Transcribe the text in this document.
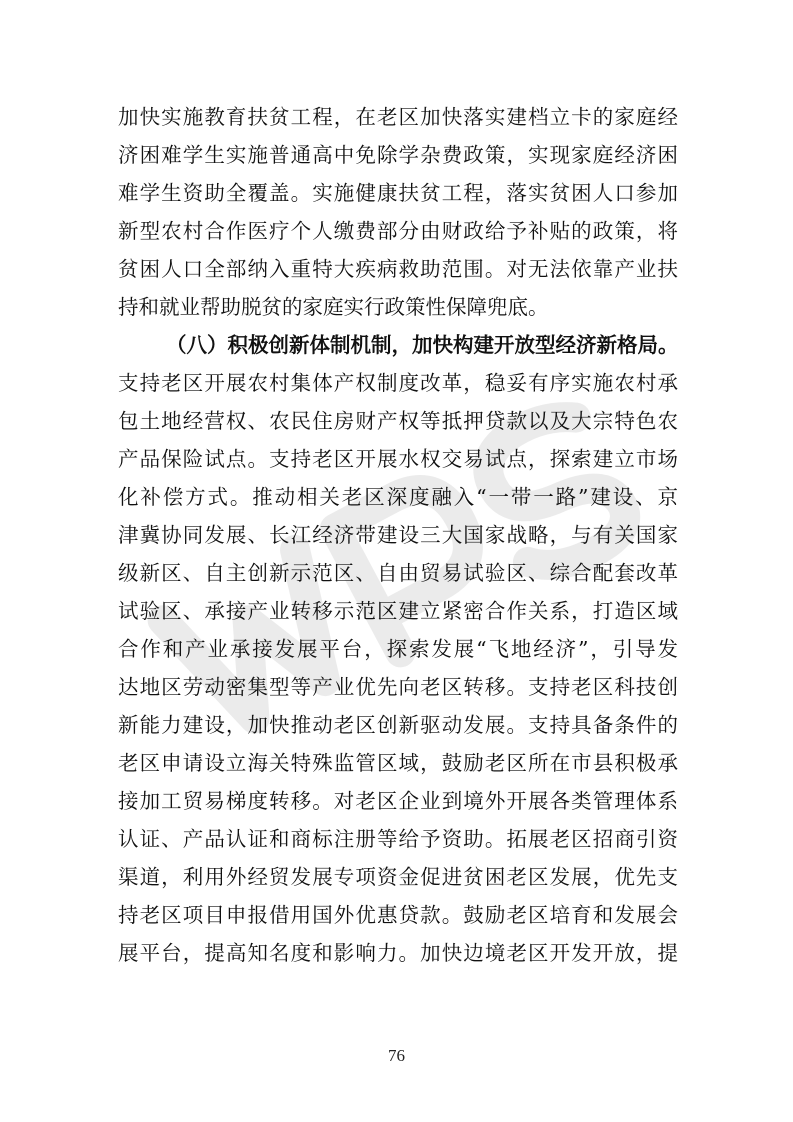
加快实施教育扶贫工程，在老区加快落实建档立卡的家庭经
济困难学生实施普通高中免除学杂费政策，实现家庭经济困
难学生资助全覆盖。实施健康扶贫工程，落实贫困人口参加
新型农村合作医疗个人缴费部分由财政给予补贴的政策，将
贫困人口全部纳入重特大疾病救助范围。对无法依靠产业扶
持和就业帮助脱贫的家庭实行政策性保障兜底。
（八）积极创新体制机制，加快构建开放型经济新格局。
支持老区开展农村集体产权制度改革，稳妥有序实施农村承
包土地经营权、农民住房财产权等抵押贷款以及大宗特色农
产品保险试点。支持老区开展水权交易试点，探索建立市场
化补偿方式。推动相关老区深度融入“一带一路”建设、京
津冀协同发展、长江经济带建设三大国家战略，与有关国家
级新区、自主创新示范区、自由贸易试验区、综合配套改革
试验区、承接产业转移示范区建立紧密合作关系，打造区域
合作和产业承接发展平台，探索发展“飞地经济”，引导发
达地区劳动密集型等产业优先向老区转移。支持老区科技创
新能力建设，加快推动老区创新驱动发展。支持具备条件的
老区申请设立海关特殊监管区域，鼓励老区所在市县积极承
接加工贸易梯度转移。对老区企业到境外开展各类管理体系
认证、产品认证和商标注册等给予资助。拓展老区招商引资
渠道，利用外经贸发展专项资金促进贫困老区发展，优先支
持老区项目申报借用国外优惠贷款。鼓励老区培育和发展会
展平台，提高知名度和影响力。加快边境老区开发开放，提
76
